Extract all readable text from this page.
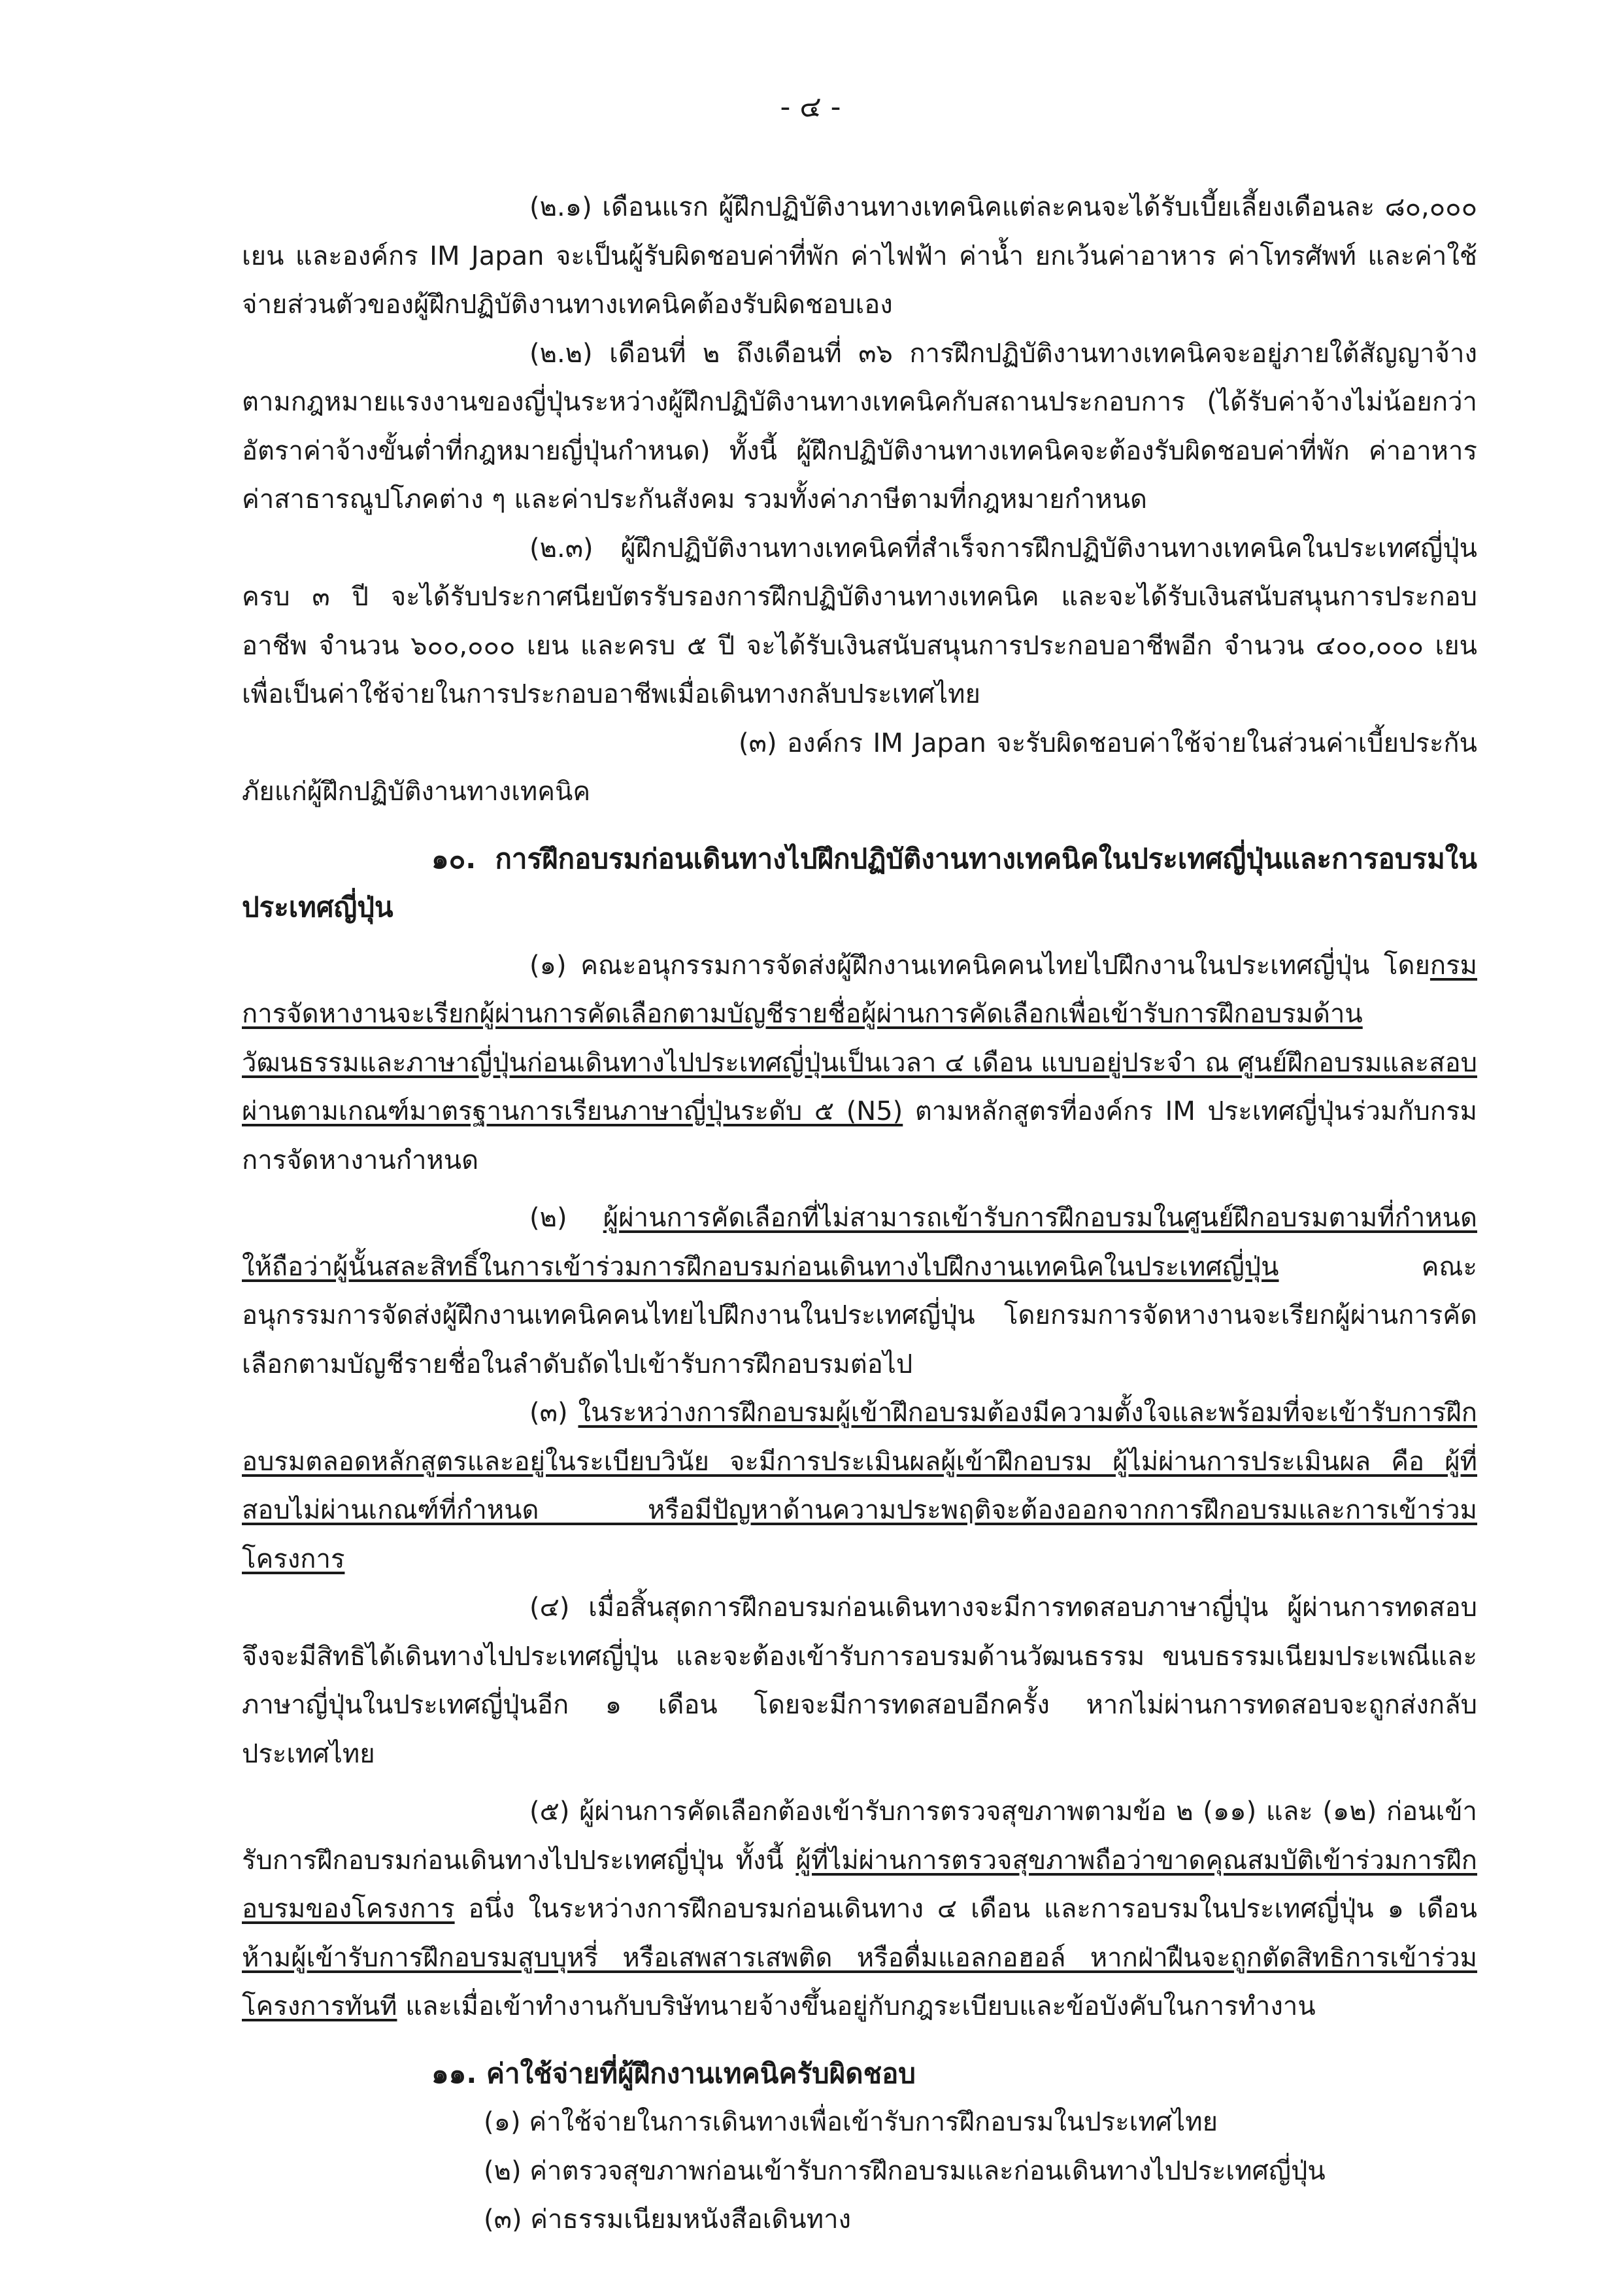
- ๔ -

(๒.๑) เดือนแรก ผู้ฝึกปฏิบัติงานทางเทคนิคแต่ละคนจะได้รับเบี้ยเลี้ยงเดือนละ ๘๐,๐๐๐ เยน และองค์กร IM Japan จะเป็นผู้รับผิดชอบค่าที่พัก ค่าไฟฟ้า ค่าน้ำ ยกเว้นค่าอาหาร ค่าโทรศัพท์ และค่าใช้จ่ายส่วนตัวของผู้ฝึกปฏิบัติงานทางเทคนิคต้องรับผิดชอบเอง

(๒.๒) เดือนที่ ๒ ถึงเดือนที่ ๓๖ การฝึกปฏิบัติงานทางเทคนิคจะอยู่ภายใต้สัญญาจ้างตามกฎหมายแรงงานของญี่ปุ่นระหว่างผู้ฝึกปฏิบัติงานทางเทคนิคกับสถานประกอบการ (ได้รับค่าจ้างไม่น้อยกว่าอัตราค่าจ้างขั้นต่ำที่กฎหมายญี่ปุ่นกำหนด) ทั้งนี้ ผู้ฝึกปฏิบัติงานทางเทคนิคจะต้องรับผิดชอบค่าที่พัก ค่าอาหาร ค่าสาธารณูปโภคต่าง ๆ และค่าประกันสังคม รวมทั้งค่าภาษีตามที่กฎหมายกำหนด

(๒.๓) ผู้ฝึกปฏิบัติงานทางเทคนิคที่สำเร็จการฝึกปฏิบัติงานทางเทคนิคในประเทศญี่ปุ่นครบ ๓ ปี จะได้รับประกาศนียบัตรรับรองการฝึกปฏิบัติงานทางเทคนิค และจะได้รับเงินสนับสนุนการประกอบอาชีพ จำนวน ๖๐๐,๐๐๐ เยน และครบ ๕ ปี จะได้รับเงินสนับสนุนการประกอบอาชีพอีก จำนวน ๔๐๐,๐๐๐ เยน เพื่อเป็นค่าใช้จ่ายในการประกอบอาชีพเมื่อเดินทางกลับประเทศไทย

(๓) องค์กร IM Japan จะรับผิดชอบค่าใช้จ่ายในส่วนค่าเบี้ยประกันภัยแก่ผู้ฝึกปฏิบัติงานทางเทคนิค

๑๐. การฝึกอบรมก่อนเดินทางไปฝึกปฏิบัติงานทางเทคนิคในประเทศญี่ปุ่นและการอบรมในประเทศญี่ปุ่น

(๑) คณะอนุกรรมการจัดส่งผู้ฝึกงานเทคนิคคนไทยไปฝึกงานในประเทศญี่ปุ่น โดยกรมการจัดหางานจะเรียกผู้ผ่านการคัดเลือกตามบัญชีรายชื่อผู้ผ่านการคัดเลือกเพื่อเข้ารับการฝึกอบรมด้านวัฒนธรรมและภาษาญี่ปุ่นก่อนเดินทางไปประเทศญี่ปุ่นเป็นเวลา ๔ เดือน แบบอยู่ประจำ ณ ศูนย์ฝึกอบรมและสอบผ่านตามเกณฑ์มาตรฐานการเรียนภาษาญี่ปุ่นระดับ ๕ (N5) ตามหลักสูตรที่องค์กร IM ประเทศญี่ปุ่นร่วมกับกรมการจัดหางานกำหนด

(๒) ผู้ผ่านการคัดเลือกที่ไม่สามารถเข้ารับการฝึกอบรมในศูนย์ฝึกอบรมตามที่กำหนดให้ถือว่าผู้นั้นสละสิทธิ์ในการเข้าร่วมการฝึกอบรมก่อนเดินทางไปฝึกงานเทคนิคในประเทศญี่ปุ่น คณะอนุกรรมการจัดส่งผู้ฝึกงานเทคนิคคนไทยไปฝึกงานในประเทศญี่ปุ่น โดยกรมการจัดหางานจะเรียกผู้ผ่านการคัดเลือกตามบัญชีรายชื่อในลำดับถัดไปเข้ารับการฝึกอบรมต่อไป

(๓) ในระหว่างการฝึกอบรมผู้เข้าฝึกอบรมต้องมีความตั้งใจและพร้อมที่จะเข้ารับการฝึกอบรมตลอดหลักสูตรและอยู่ในระเบียบวินัย จะมีการประเมินผลผู้เข้าฝึกอบรม ผู้ไม่ผ่านการประเมินผล คือ ผู้ที่สอบไม่ผ่านเกณฑ์ที่กำหนด หรือมีปัญหาด้านความประพฤติจะต้องออกจากการฝึกอบรมและการเข้าร่วมโครงการ

(๔) เมื่อสิ้นสุดการฝึกอบรมก่อนเดินทางจะมีการทดสอบภาษาญี่ปุ่น ผู้ผ่านการทดสอบจึงจะมีสิทธิได้เดินทางไปประเทศญี่ปุ่น และจะต้องเข้ารับการอบรมด้านวัฒนธรรม ขนบธรรมเนียมประเพณีและภาษาญี่ปุ่นในประเทศญี่ปุ่นอีก ๑ เดือน โดยจะมีการทดสอบอีกครั้ง หากไม่ผ่านการทดสอบจะถูกส่งกลับประเทศไทย

(๕) ผู้ผ่านการคัดเลือกต้องเข้ารับการตรวจสุขภาพตามข้อ ๒ (๑๑) และ (๑๒) ก่อนเข้ารับการฝึกอบรมก่อนเดินทางไปประเทศญี่ปุ่น ทั้งนี้ ผู้ที่ไม่ผ่านการตรวจสุขภาพถือว่าขาดคุณสมบัติเข้าร่วมการฝึกอบรมของโครงการ อนึ่ง ในระหว่างการฝึกอบรมก่อนเดินทาง ๔ เดือน และการอบรมในประเทศญี่ปุ่น ๑ เดือน ห้ามผู้เข้ารับการฝึกอบรมสูบบุหรี่ หรือเสพสารเสพติด หรือดื่มแอลกอฮอล์ หากฝ่าฝืนจะถูกตัดสิทธิการเข้าร่วมโครงการทันที และเมื่อเข้าทำงานกับบริษัทนายจ้างขึ้นอยู่กับกฎระเบียบและข้อบังคับในการทำงาน

๑๑. ค่าใช้จ่ายที่ผู้ฝึกงานเทคนิครับผิดชอบ

(๑) ค่าใช้จ่ายในการเดินทางเพื่อเข้ารับการฝึกอบรมในประเทศไทย

(๒) ค่าตรวจสุขภาพก่อนเข้ารับการฝึกอบรมและก่อนเดินทางไปประเทศญี่ปุ่น

(๓) ค่าธรรมเนียมหนังสือเดินทาง
